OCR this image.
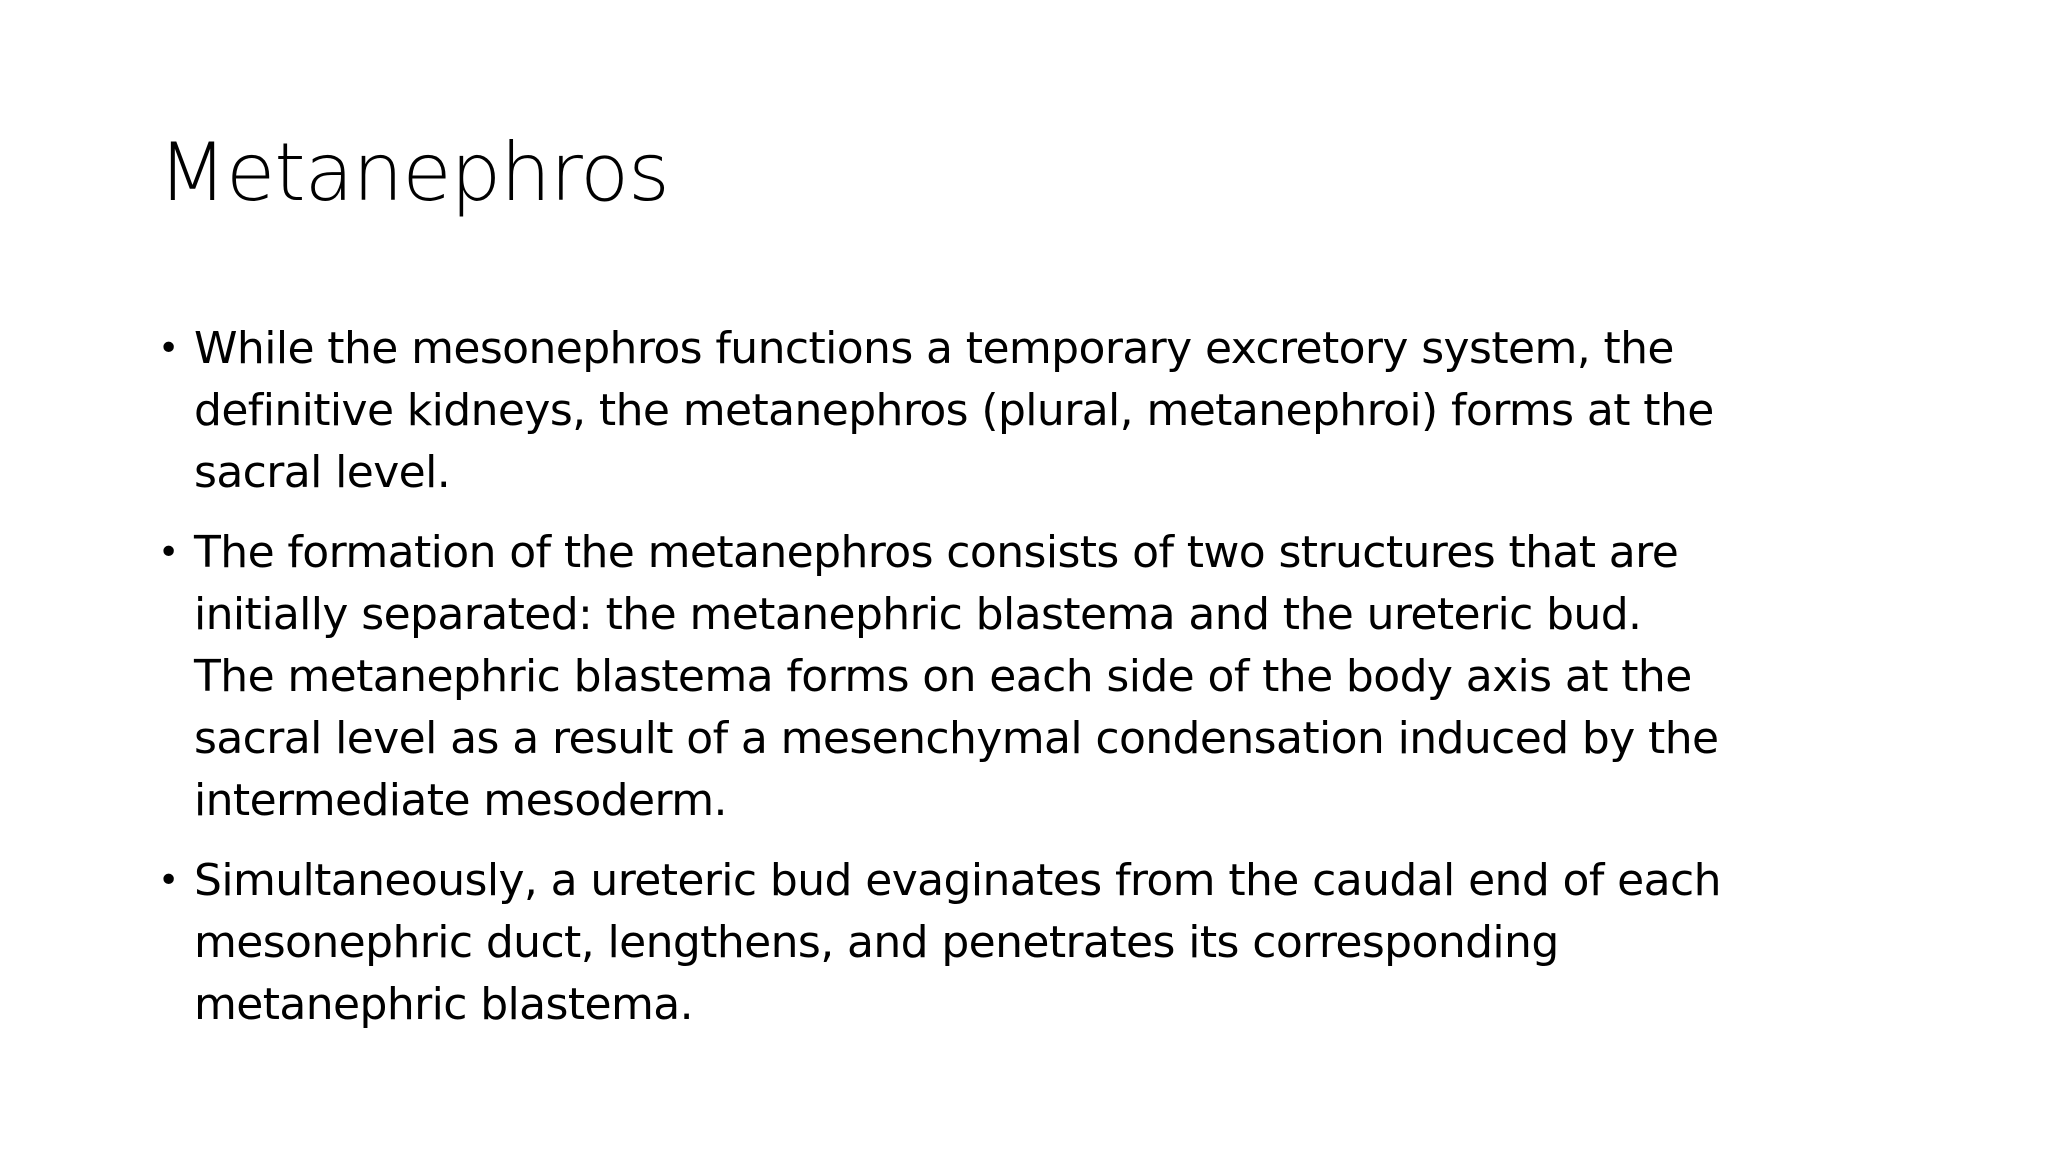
Metanephros
• While the mesonephros functions a temporary excretory system, the
definitive kidneys, the metanephros (plural, metanephroi) forms at the
sacral level.
• The formation of the metanephros consists of two structures that are
initially separated: the metanephric blastema and the ureteric bud.
The metanephric blastema forms on each side of the body axis at the
sacral level as a result of a mesenchymal condensation induced by the
intermediate mesoderm.
• Simultaneously, a ureteric bud evaginates from the caudal end of each
mesonephric duct, lengthens, and penetrates its corresponding
metanephric blastema.
